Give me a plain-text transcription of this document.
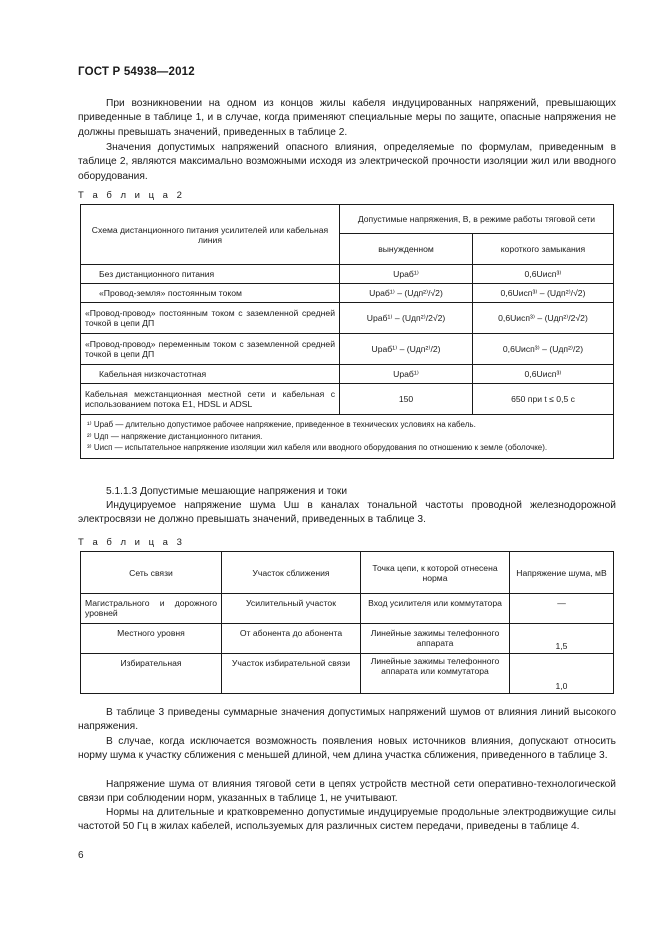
ГОСТ Р 54938—2012

При возникновении на одном из концов жилы кабеля индуцированных напряжений, превышающих приведенные в таблице 1, и в случае, когда применяют специальные меры по защите, опасные напряжения не должны превышать значений, приведенных в таблице 2.

Значения допустимых напряжений опасного влияния, определяемые по формулам, приведенным в таблице 2, являются максимально возможными исходя из электрической прочности изоляции жил или вводного оборудования.

Т а б л и ц а 2
Схема дистанционного питания усилителей или кабельная линия	Допустимые напряжения, В, в режиме работы тяговой сети	
	вынужденном	короткого замыкания
Без дистанционного питания	Uраб¹⁾	0,6Uисп³⁾
«Провод-земля» постоянным током	Uраб¹⁾ – (Uдп²⁾/√2)	0,6Uисп³⁾ – (Uдп²⁾/√2)
«Провод-провод» постоянным током с заземленной средней точкой в цепи ДП	Uраб¹⁾ – (Uдп²⁾/2√2)	0,6Uисп³⁾ – (Uдп²⁾/2√2)
«Провод-провод» переменным током с заземленной средней точкой в цепи ДП	Uраб¹⁾ – (Uдп²⁾/2)	0,6Uисп³⁾ – (Uдп²⁾/2)
Кабельная низкочастотная	Uраб¹⁾	0,6Uисп³⁾
Кабельная межстанционная местной сети и кабельная с использованием потока Е1, HDSL и ADSL	150	650 при t ≤ 0,5 с

¹⁾ Uраб — длительно допустимое рабочее напряжение, приведенное в технических условиях на кабель.
²⁾ Uдп — напряжение дистанционного питания.
³⁾ Uисп — испытательное напряжение изоляции жил кабеля или вводного оборудования по отношению к земле (оболочке).		

5.1.1.3 Допустимые мешающие напряжения и токи

Индуцируемое напряжение шума Uш в каналах тональной частоты проводной железнодорожной электросвязи не должно превышать значений, приведенных в таблице 3.

Т а б л и ц а 3
Сеть связи	Участок сближения	Точка цепи, к которой отнесена норма	Напряжение шума, мВ
Магистрального и дорожного уровней	Усилительный участок	Вход усилителя или коммутатора	—
Местного уровня	От абонента до абонента	Линейные зажимы телефонного аппарата	1,5
Избирательная	Участок избирательной связи	Линейные зажимы телефонного аппарата или коммутатора	1,0

В таблице 3 приведены суммарные значения допустимых напряжений шумов от влияния линий высокого напряжения.

В случае, когда исключается возможность появления новых источников влияния, допускают относить норму шума к участку сближения с меньшей длиной, чем длина участка сближения, приведенного в таблице 3.

Напряжение шума от влияния тяговой сети в цепях устройств местной сети оперативно-технологической связи при соблюдении норм, указанных в таблице 1, не учитывают.

Нормы на длительные и кратковременно допустимые индуцируемые продольные электродвижущие силы частотой 50 Гц в жилах кабелей, используемых для различных систем передачи, приведены в таблице 4.

6
